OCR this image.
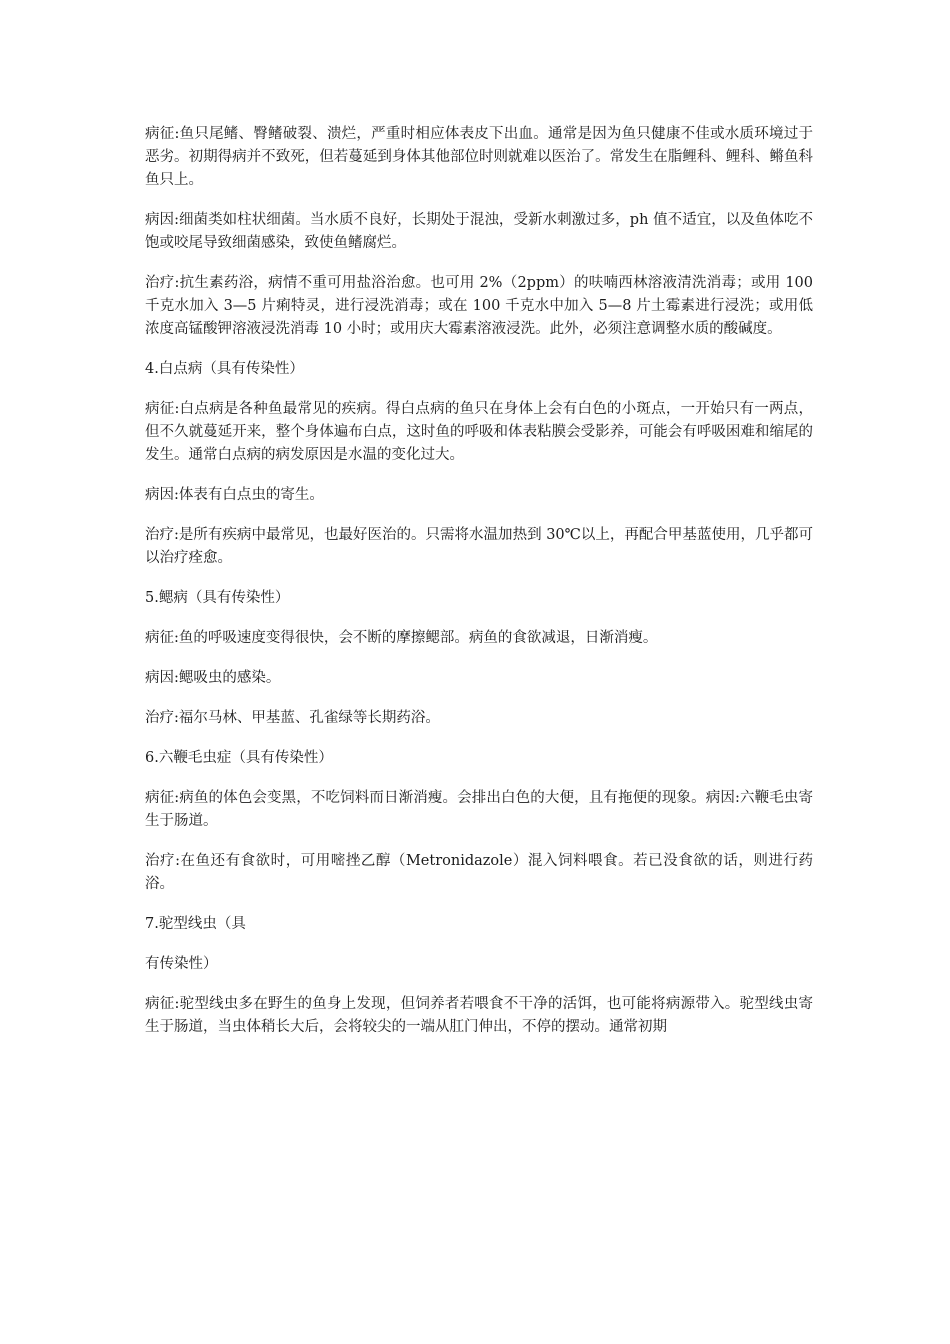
病征:鱼只尾鳍、臀鳍破裂、溃烂，严重时相应体表皮下出血。通常是因为鱼只健康不佳或水质环境过于恶劣。初期得病并不致死，但若蔓延到身体其他部位时则就难以医治了。常发生在脂鲤科、鲤科、鳉鱼科鱼只上。

病因:细菌类如柱状细菌。当水质不良好，长期处于混浊，受新水刺激过多，ph 值不适宜，以及鱼体吃不饱或咬尾导致细菌感染，致使鱼鳍腐烂。

治疗:抗生素药浴，病情不重可用盐浴治愈。也可用 2%（2ppm）的呋喃西林溶液清洗消毒；或用 100 千克水加入 3—5 片痢特灵，进行浸洗消毒；或在 100 千克水中加入 5—8 片土霉素进行浸洗；或用低浓度高锰酸钾溶液浸洗消毒 10 小时；或用庆大霉素溶液浸洗。此外，必须注意调整水质的酸碱度。

4.白点病（具有传染性）

病征:白点病是各种鱼最常见的疾病。得白点病的鱼只在身体上会有白色的小斑点，一开始只有一两点，但不久就蔓延开来，整个身体遍布白点，这时鱼的呼吸和体表粘膜会受影养，可能会有呼吸困难和缩尾的发生。通常白点病的病发原因是水温的变化过大。

病因:体表有白点虫的寄生。

治疗:是所有疾病中最常见，也最好医治的。只需将水温加热到 30℃以上，再配合甲基蓝使用，几乎都可以治疗痊愈。

5.鳃病（具有传染性）

病征:鱼的呼吸速度变得很快，会不断的摩擦鳃部。病鱼的食欲减退，日渐消瘦。

病因:鳃吸虫的感染。

治疗:福尔马林、甲基蓝、孔雀绿等长期药浴。

6.六鞭毛虫症（具有传染性）

病征:病鱼的体色会变黑，不吃饲料而日渐消瘦。会排出白色的大便，且有拖便的现象。病因:六鞭毛虫寄生于肠道。

治疗:在鱼还有食欲时，可用嘧挫乙醇（Metronidazole）混入饲料喂食。若已没食欲的话，则进行药浴。

7.驼型线虫（具

有传染性）

病征:驼型线虫多在野生的鱼身上发现，但饲养者若喂食不干净的活饵，也可能将病源带入。驼型线虫寄生于肠道，当虫体稍长大后，会将较尖的一端从肛门伸出，不停的摆动。通常初期
